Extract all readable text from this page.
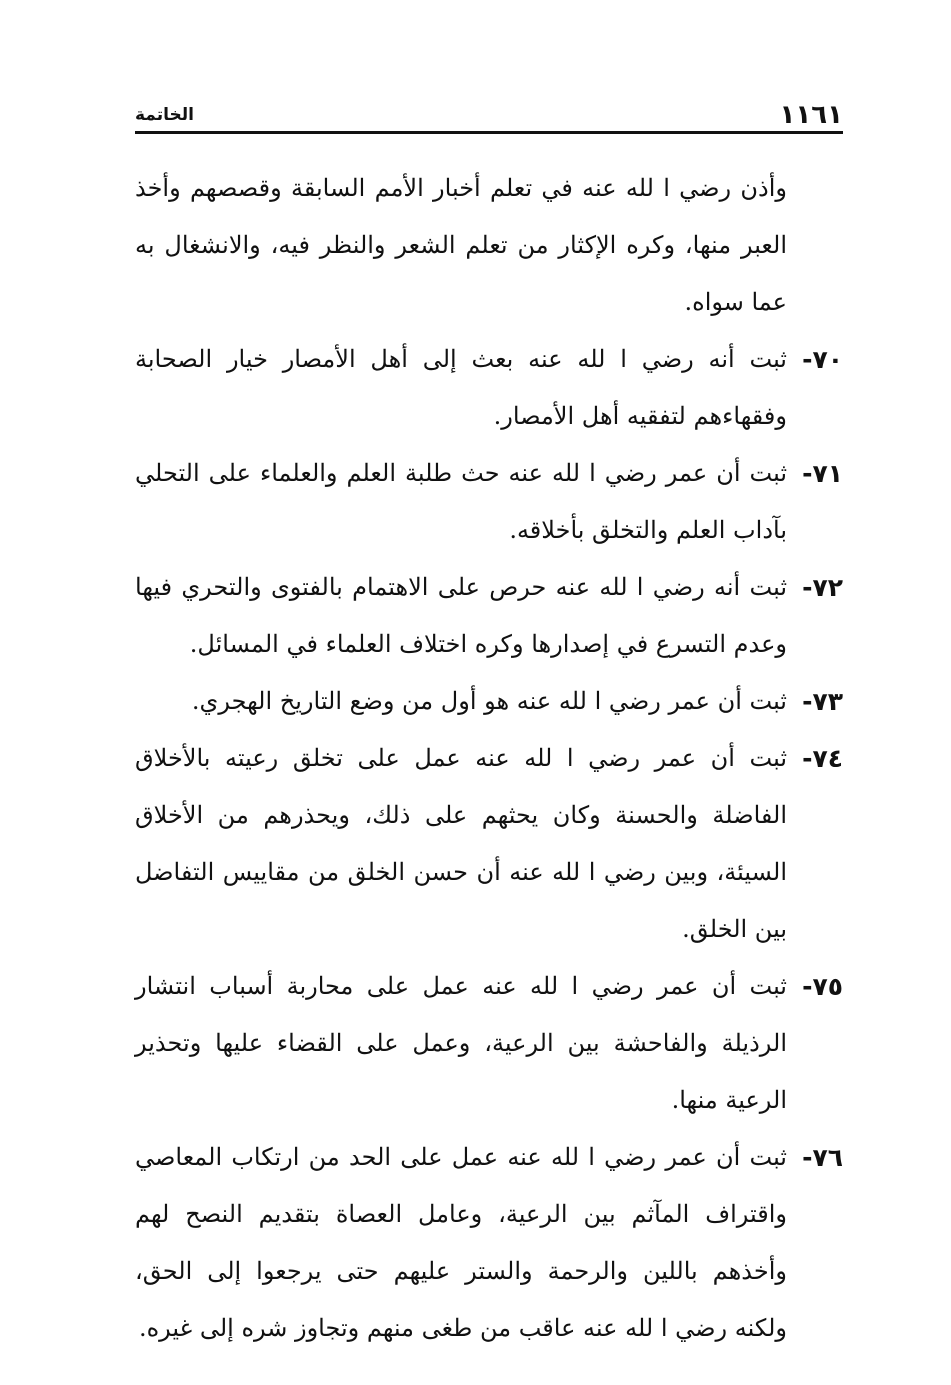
١١٦١
الخاتمة

وأذن رضي ا لله عنه في تعلم أخبار الأمم السابقة وقصصهم وأخذ العبر منها، وكره الإكثار من تعلم الشعر والنظر فيه، والانشغال به عما سواه.

٧٠-
ثبت أنه رضي ا لله عنه بعث إلى أهل الأمصار خيار الصحابة وفقهاءهم لتفقيه أهل الأمصار.
٧١-
ثبت أن عمر رضي ا لله عنه حث طلبة العلم والعلماء على التحلي بآداب العلم والتخلق بأخلاقه.
٧٢-
ثبت أنه رضي ا لله عنه حرص على الاهتمام بالفتوى والتحري فيها وعدم التسرع في إصدارها وكره اختلاف العلماء في المسائل.
٧٣-
ثبت أن عمر رضي ا لله عنه هو أول من وضع التاريخ الهجري.
٧٤-
ثبت أن عمر رضي ا لله عنه عمل على تخلق رعيته بالأخلاق الفاضلة والحسنة وكان يحثهم على ذلك، ويحذرهم من الأخلاق السيئة، وبين رضي ا لله عنه أن حسن الخلق من مقاييس التفاضل بين الخلق.
٧٥-
ثبت أن عمر رضي ا لله عنه عمل على محاربة أسباب انتشار الرذيلة والفاحشة بين الرعية، وعمل على القضاء عليها وتحذير الرعية منها.
٧٦-
ثبت أن عمر رضي ا لله عنه عمل على الحد من ارتكاب المعاصي واقتراف المآثم بين الرعية، وعامل العصاة بتقديم النصح لهم وأخذهم باللين والرحمة والستر عليهم حتى يرجعوا إلى الحق، ولكنه رضي ا لله عنه عاقب من طغى منهم وتجاوز شره إلى غيره.
